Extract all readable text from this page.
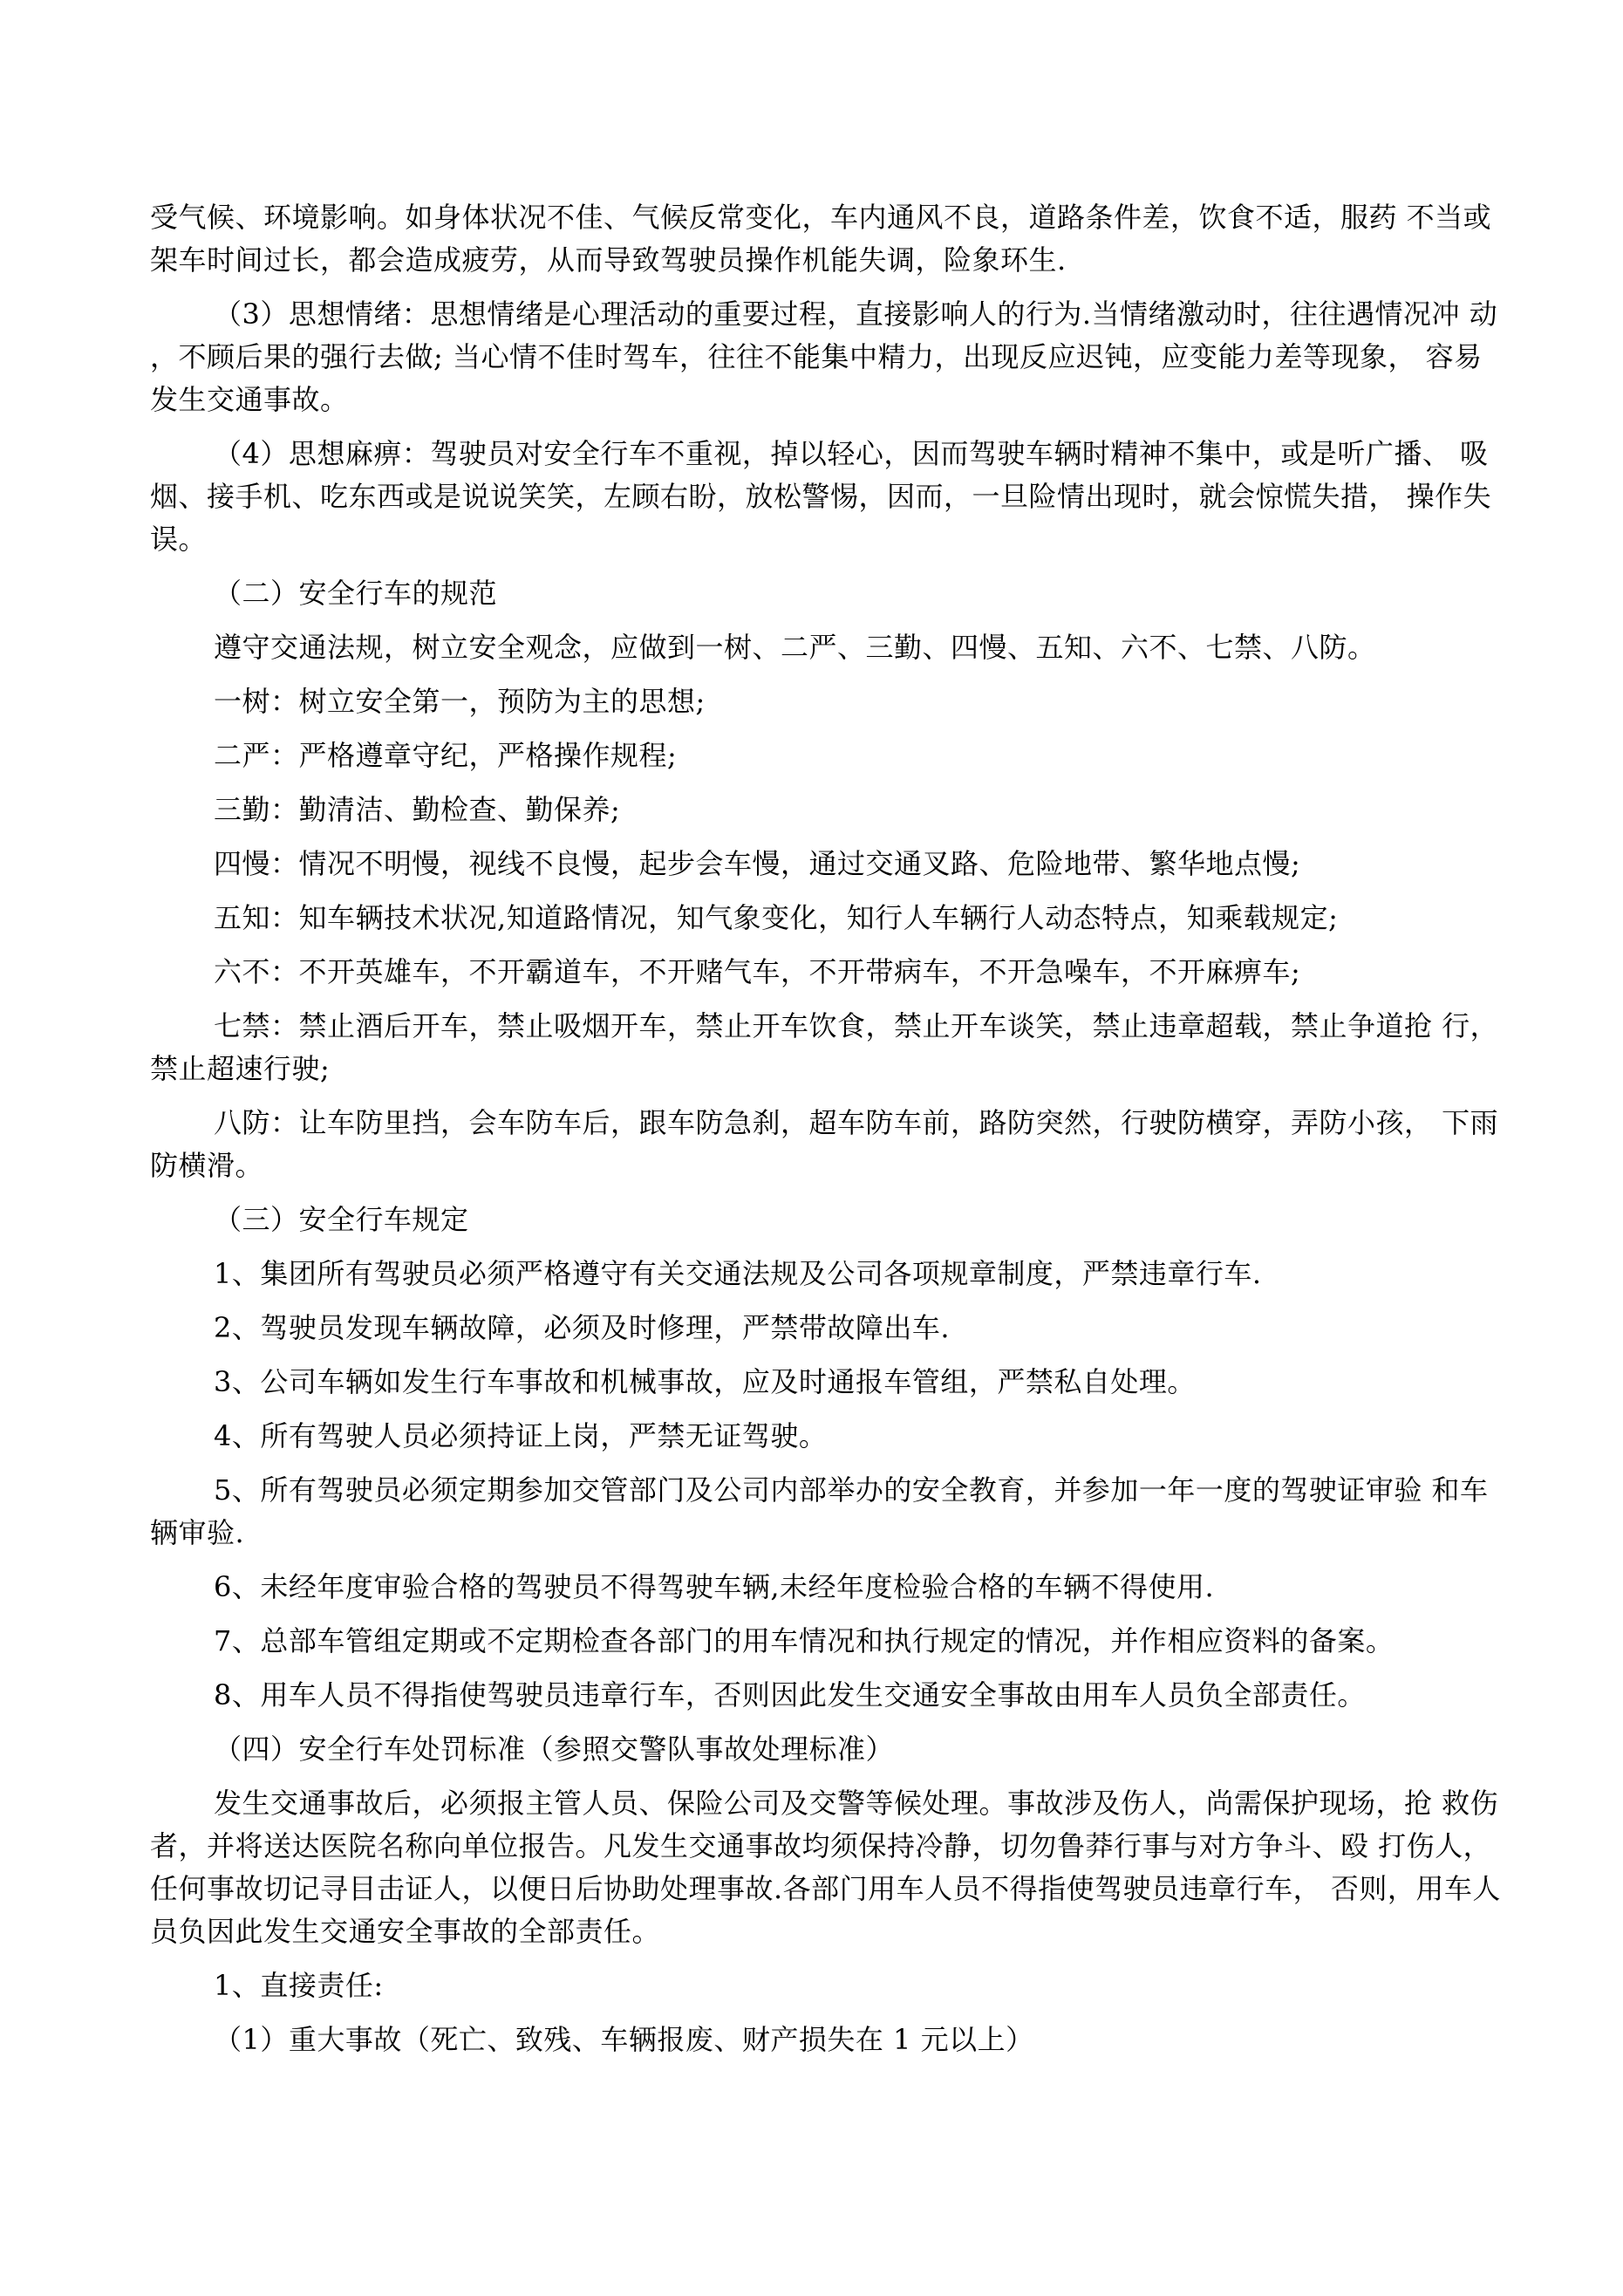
受气候、环境影响。如身体状况不佳、气候反常变化，车内通风不良，道路条件差，饮食不适，服药 不当或
架车时间过长，都会造成疲劳，从而导致驾驶员操作机能失调，险象环生.
（3）思想情绪：思想情绪是心理活动的重要过程，直接影响人的行为.当情绪激动时，往往遇情况冲 动
，不顾后果的强行去做; 当心情不佳时驾车，往往不能集中精力，出现反应迟钝，应变能力差等现象， 容易
发生交通事故。
（4）思想麻痹：驾驶员对安全行车不重视，掉以轻心，因而驾驶车辆时精神不集中，或是听广播、 吸
烟、接手机、吃东西或是说说笑笑，左顾右盼，放松警惕，因而，一旦险情出现时，就会惊慌失措， 操作失
误。
（二）安全行车的规范
遵守交通法规，树立安全观念，应做到一树、二严、三勤、四慢、五知、六不、七禁、八防。
一树：树立安全第一，预防为主的思想;
二严：严格遵章守纪，严格操作规程;
三勤：勤清洁、勤检查、勤保养;
四慢：情况不明慢，视线不良慢，起步会车慢，通过交通叉路、危险地带、繁华地点慢;
五知：知车辆技术状况,知道路情况，知气象变化，知行人车辆行人动态特点，知乘载规定;
六不：不开英雄车，不开霸道车，不开赌气车，不开带病车，不开急噪车，不开麻痹车;
七禁：禁止酒后开车，禁止吸烟开车，禁止开车饮食，禁止开车谈笑，禁止违章超载，禁止争道抢 行，
禁止超速行驶;
八防：让车防里挡，会车防车后，跟车防急刹，超车防车前，路防突然，行驶防横穿，弄防小孩， 下雨
防横滑。
（三）安全行车规定
1、集团所有驾驶员必须严格遵守有关交通法规及公司各项规章制度，严禁违章行车.
2、驾驶员发现车辆故障，必须及时修理，严禁带故障出车.
3、公司车辆如发生行车事故和机械事故，应及时通报车管组，严禁私自处理。
4、所有驾驶人员必须持证上岗，严禁无证驾驶。
5、所有驾驶员必须定期参加交管部门及公司内部举办的安全教育，并参加一年一度的驾驶证审验 和车
辆审验.
6、未经年度审验合格的驾驶员不得驾驶车辆,未经年度检验合格的车辆不得使用.
7、总部车管组定期或不定期检查各部门的用车情况和执行规定的情况，并作相应资料的备案。
8、用车人员不得指使驾驶员违章行车，否则因此发生交通安全事故由用车人员负全部责任。
（四）安全行车处罚标准（参照交警队事故处理标准）
发生交通事故后，必须报主管人员、保险公司及交警等候处理。事故涉及伤人，尚需保护现场，抢 救伤
者，并将送达医院名称向单位报告。凡发生交通事故均须保持冷静，切勿鲁莽行事与对方争斗、殴 打伤人，
任何事故切记寻目击证人，以便日后协助处理事故.各部门用车人员不得指使驾驶员违章行车， 否则，用车人
员负因此发生交通安全事故的全部责任。
1、直接责任:
（1）重大事故（死亡、致残、车辆报废、财产损失在 1 元以上）
